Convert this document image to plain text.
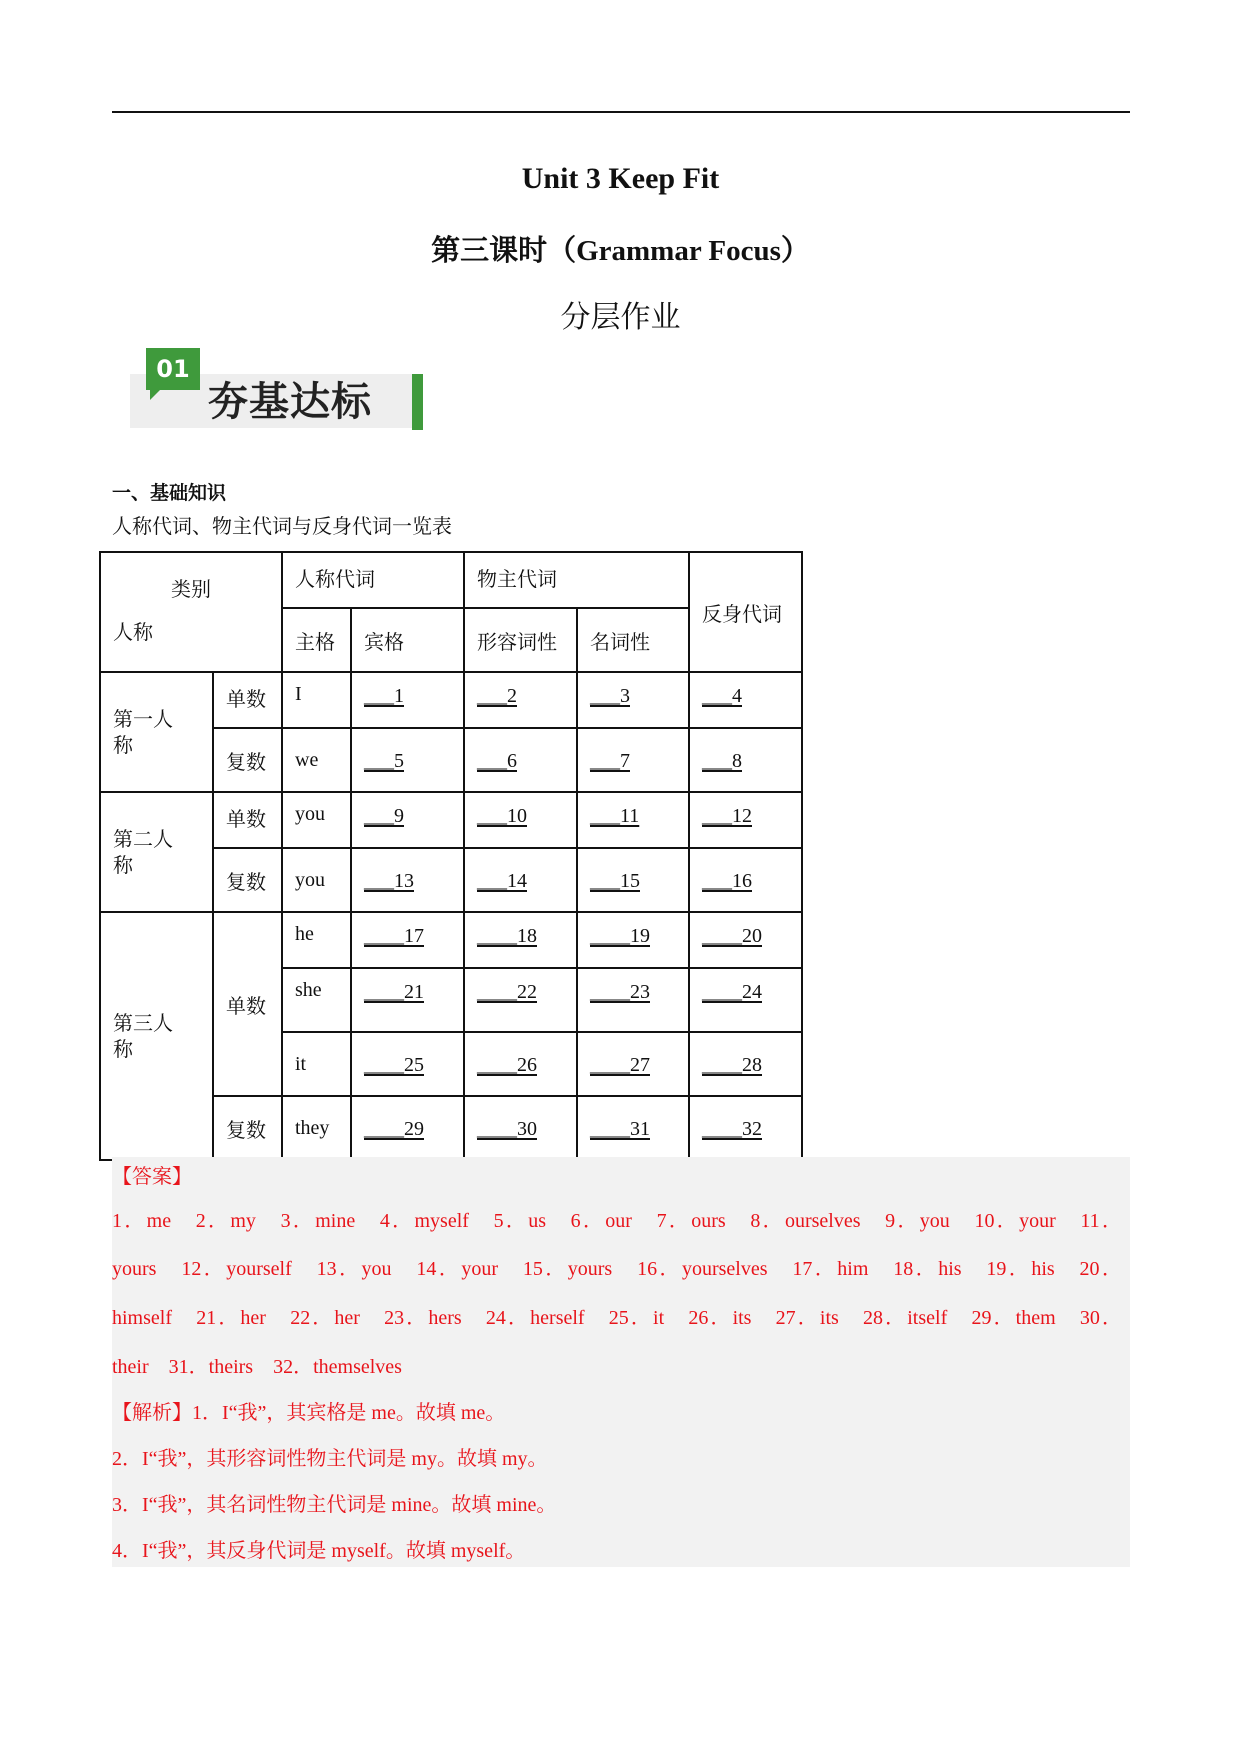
Unit 3 Keep Fit
第三课时（Grammar Focus）
分层作业
01
夯基达标
一、基础知识
人称代词、物主代词与反身代词一览表
类别
人称		人称代词		物主代词		反身代词

		主格	宾格	形容词性	名词性	

第一人称	单数	I	___1	___2	___3	___4

	复数	we	___5	___6	___7	___8

第二人称	单数	you	___9	___10	___11	___12

	复数	you	___13	___14	___15	___16

第三人称	单数	he	____17	____18	____19	____20

		she	____21	____22	____23	____24

		it	____25	____26	____27	____28

	复数	they	____29	____30	____31	____32
【答案】
1．me　2．my　3．mine　4．myself　5．us　6．our　7．ours　8．ourselves　9．you　10．your　11．
yours　12．yourself　13．you　14．your　15．yours　16．yourselves　17．him　18．his　19．his　20．
himself　21．her　22．her　23．hers　24．herself　25．it　26．its　27．its　28．itself　29．them　30．
their　31．theirs　32．themselves
【解析】1．I“我”，其宾格是 me。故填 me。
2．I“我”，其形容词性物主代词是 my。故填 my。
3．I“我”，其名词性物主代词是 mine。故填 mine。
4．I“我”，其反身代词是 myself。故填 myself。
